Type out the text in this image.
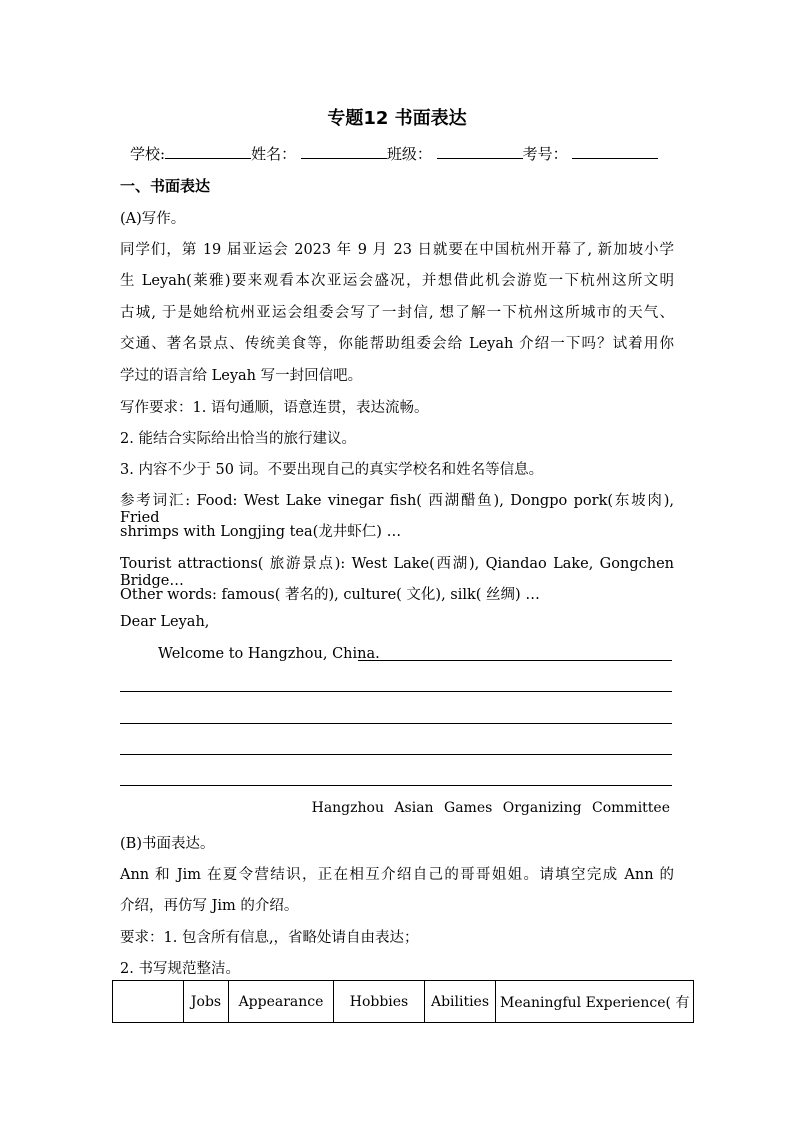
专题12 书面表达
学校:	姓名：	班级：	考号：
一、书面表达
(A)写作。
同学们，第 19 届亚运会 2023 年 9 月 23 日就要在中国杭州开幕了, 新加坡小学
生 Leyah(莱雅)要来观看本次亚运会盛况，并想借此机会游览一下杭州这所文明
古城, 于是她给杭州亚运会组委会写了一封信, 想了解一下杭州这所城市的天气、
交通、著名景点、传统美食等，你能帮助组委会给 Leyah 介绍一下吗？试着用你
学过的语言给 Leyah 写一封回信吧。
写作要求：1. 语句通顺，语意连贯，表达流畅。
2. 能结合实际给出恰当的旅行建议。
3. 内容不少于 50 词。不要出现自己的真实学校名和姓名等信息。
参考词汇: Food: West Lake vinegar fish( 西湖醋鱼), Dongpo pork(东坡肉), Fried
shrimps with Longjing tea(龙井虾仁) …
Tourist attractions( 旅游景点): West Lake(西湖), Qiandao Lake, Gongchen Bridge…
Other words: famous( 著名的), culture( 文化), silk( 丝绸) …
Dear Leyah,
Welcome to Hangzhou, China.
Hangzhou Asian Games Organizing Committee
(B)书面表达。
Ann 和 Jim 在夏令营结识，正在相互介绍自己的哥哥姐姐。请填空完成 Ann 的
介绍，再仿写 Jim 的介绍。
要求：1. 包含所有信息,，省略处请自由表达；
2. 书写规范整洁。
	Jobs	Appearance	Hobbies	Abilities	Meaningful Experience( 有
